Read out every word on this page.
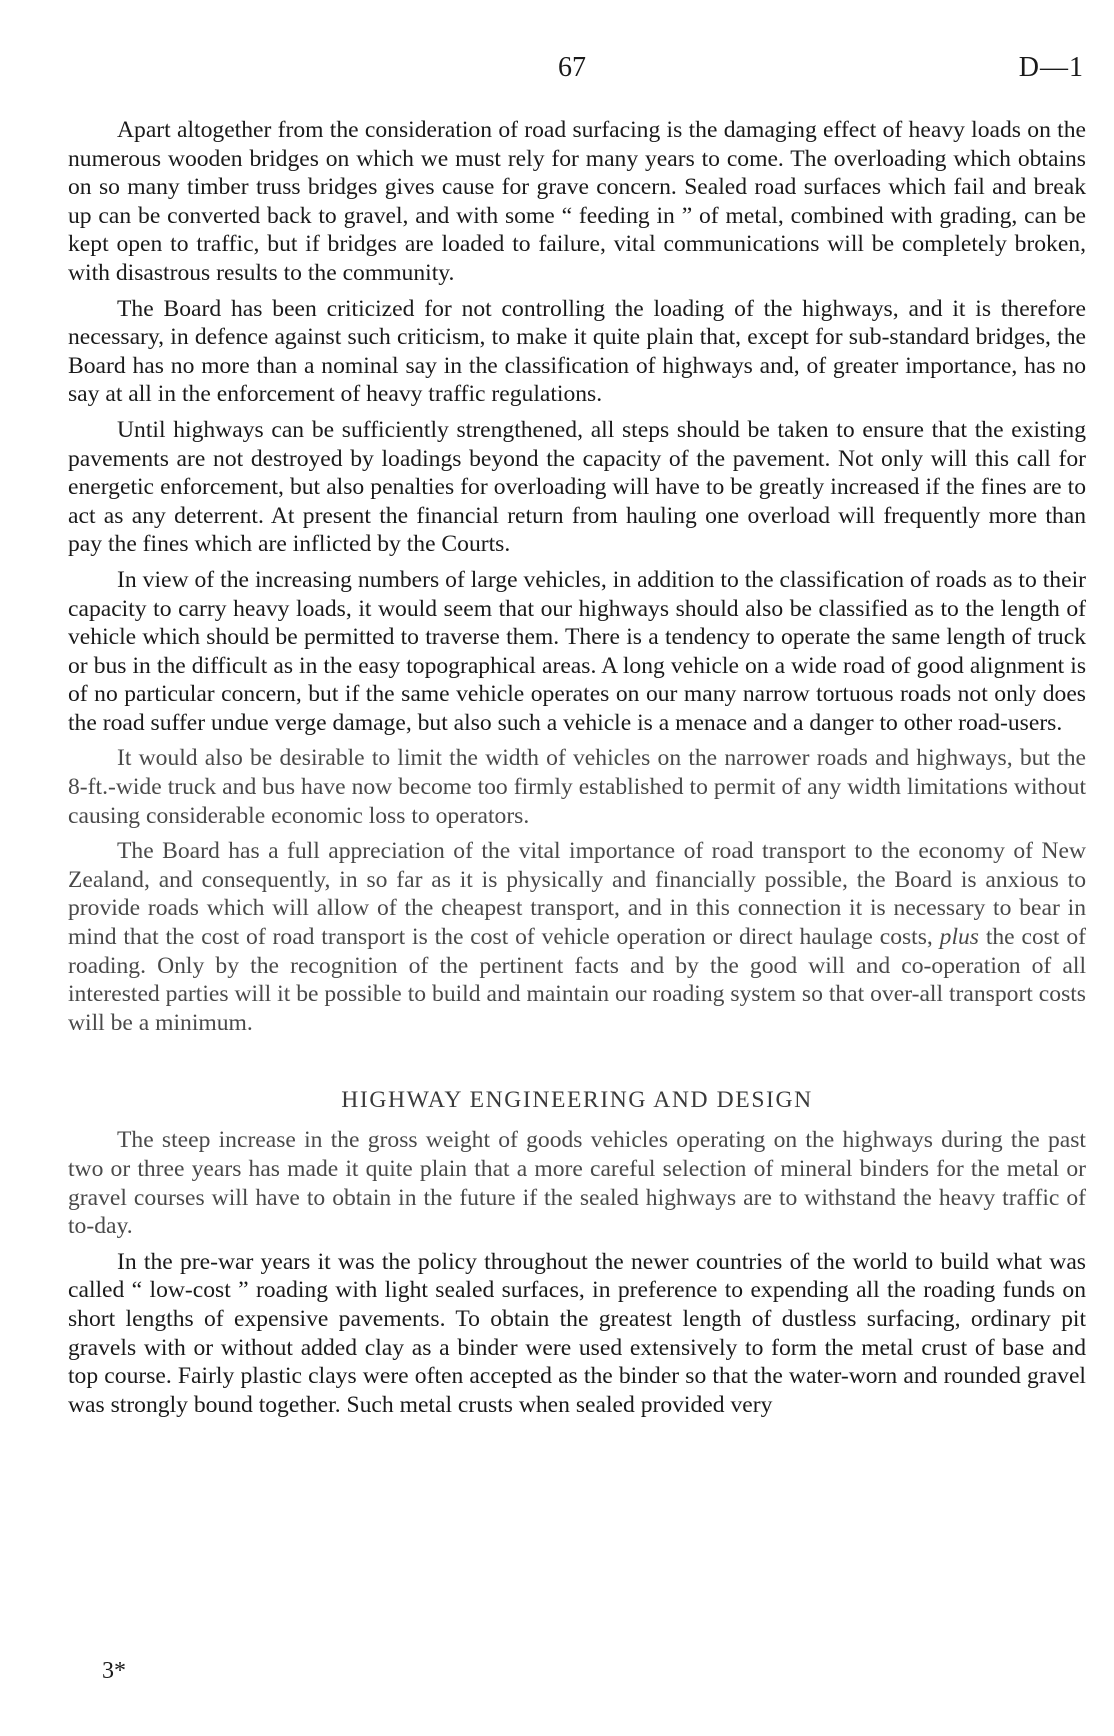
67	D—1

Apart altogether from the consideration of road surfacing is the damaging effect of heavy loads on the numerous wooden bridges on which we must rely for many years to come. The overloading which obtains on so many timber truss bridges gives cause for grave concern. Sealed road surfaces which fail and break up can be converted back to gravel, and with some “ feeding in ” of metal, combined with grading, can be kept open to traffic, but if bridges are loaded to failure, vital communications will be completely broken, with disastrous results to the community.

The Board has been criticized for not controlling the loading of the highways, and it is therefore necessary, in defence against such criticism, to make it quite plain that, except for sub-standard bridges, the Board has no more than a nominal say in the classification of highways and, of greater importance, has no say at all in the enforcement of heavy traffic regulations.

Until highways can be sufficiently strengthened, all steps should be taken to ensure that the existing pavements are not destroyed by loadings beyond the capacity of the pavement. Not only will this call for energetic enforcement, but also penalties for overloading will have to be greatly increased if the fines are to act as any deterrent. At present the financial return from hauling one overload will frequently more than pay the fines which are inflicted by the Courts.

In view of the increasing numbers of large vehicles, in addition to the classification of roads as to their capacity to carry heavy loads, it would seem that our highways should also be classified as to the length of vehicle which should be permitted to traverse them. There is a tendency to operate the same length of truck or bus in the difficult as in the easy topographical areas. A long vehicle on a wide road of good alignment is of no particular concern, but if the same vehicle operates on our many narrow tortuous roads not only does the road suffer undue verge damage, but also such a vehicle is a menace and a danger to other road-users.

It would also be desirable to limit the width of vehicles on the narrower roads and highways, but the 8-ft.-wide truck and bus have now become too firmly established to permit of any width limitations without causing considerable economic loss to operators.

The Board has a full appreciation of the vital importance of road transport to the economy of New Zealand, and consequently, in so far as it is physically and financially possible, the Board is anxious to provide roads which will allow of the cheapest transport, and in this connection it is necessary to bear in mind that the cost of road transport is the cost of vehicle operation or direct haulage costs, plus the cost of roading. Only by the recognition of the pertinent facts and by the good will and co-operation of all interested parties will it be possible to build and maintain our roading system so that over-all transport costs will be a minimum.

HIGHWAY ENGINEERING AND DESIGN

The steep increase in the gross weight of goods vehicles operating on the highways during the past two or three years has made it quite plain that a more careful selection of mineral binders for the metal or gravel courses will have to obtain in the future if the sealed highways are to withstand the heavy traffic of to-day.

In the pre-war years it was the policy throughout the newer countries of the world to build what was called “ low-cost ” roading with light sealed surfaces, in preference to expending all the roading funds on short lengths of expensive pavements. To obtain the greatest length of dustless surfacing, ordinary pit gravels with or without added clay as a binder were used extensively to form the metal crust of base and top course. Fairly plastic clays were often accepted as the binder so that the water-worn and rounded gravel was strongly bound together. Such metal crusts when sealed provided very

3*
